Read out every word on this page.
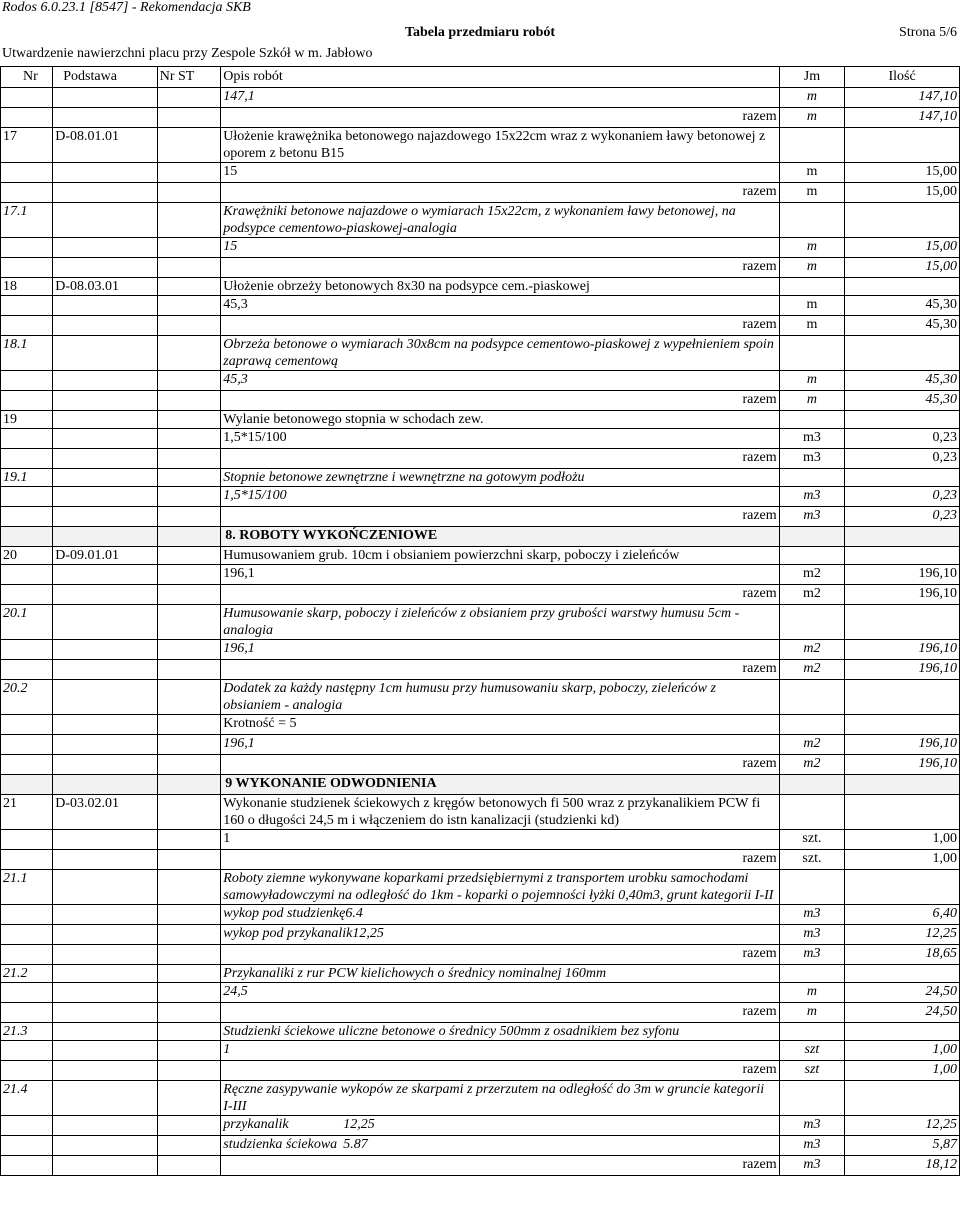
Rodos 6.0.23.1 [8547] - Rekomendacja SKB
Tabela przedmiaru robót	Strona 5/6
Utwardzenie nawierzchni placu przy Zespole Szkół w m. Jabłowo
Nr	Podstawa	Nr ST	Opis robót	Jm	Ilość
			147,1	m	147,10
			razem	m	147,10
17	D-08.01.01		Ułożenie krawężnika betonowego najazdowego 15x22cm wraz z wykonaniem ławy betonowej z oporem z betonu B15		
			15	m	15,00
			razem	m	15,00
17.1			Krawężniki betonowe najazdowe o wymiarach 15x22cm, z wykonaniem ławy betonowej, na podsypce cementowo-piaskowej-analogia		
			15	m	15,00
			razem	m	15,00
18	D-08.03.01		Ułożenie obrzeży betonowych 8x30 na podsypce cem.-piaskowej		
			45,3	m	45,30
			razem	m	45,30
18.1			Obrzeża betonowe o wymiarach 30x8cm na podsypce cementowo-piaskowej z wypełnieniem spoin zaprawą cementową		
			45,3	m	45,30
			razem	m	45,30
19			Wylanie betonowego stopnia w schodach zew.		
			1,5*15/100	m3	0,23
			razem	m3	0,23
19.1			Stopnie betonowe zewnętrzne i wewnętrzne na gotowym podłożu		
			1,5*15/100	m3	0,23
			razem	m3	0,23
			8. ROBOTY WYKOŃCZENIOWE		
20	D-09.01.01		Humusowaniem grub. 10cm i obsianiem powierzchni skarp, poboczy i zieleńców		
			196,1	m2	196,10
			razem	m2	196,10
20.1			Humusowanie skarp, poboczy i zieleńców z obsianiem przy grubości warstwy humusu 5cm - analogia		
			196,1	m2	196,10
			razem	m2	196,10
20.2			Dodatek za każdy następny 1cm humusu przy humusowaniu skarp, poboczy, zieleńców z obsianiem - analogia		
			Krotność = 5		
			196,1	m2	196,10
			razem	m2	196,10
			9 WYKONANIE ODWODNIENIA		
21	D-03.02.01		Wykonanie studzienek ściekowych z kręgów betonowych fi 500 wraz z przykanalikiem PCW fi 160 o długości 24,5 m i włączeniem do istn kanalizacji (studzienki kd)		
			1	szt.	1,00
			razem	szt.	1,00
21.1			Roboty ziemne wykonywane koparkami przedsiębiernymi z transportem urobku samochodami samowyładowczymi na odległość do 1km - koparki o pojemności łyżki 0,40m3, grunt kategorii I-II		
			wykop pod studzienkę6.4	m3	6,40
			wykop pod przykanalik12,25	m3	12,25
			razem	m3	18,65
21.2			Przykanaliki z rur PCW kielichowych o średnicy nominalnej 160mm		
			24,5	m	24,50
			razem	m	24,50
21.3			Studzienki ściekowe uliczne betonowe o średnicy 500mm z osadnikiem bez syfonu		
			1	szt	1,00
			razem	szt	1,00
21.4			Ręczne zasypywanie wykopów ze skarpami z przerzutem na odległość do 3m w gruncie kategorii I-III		
			przykanalik 12,25	m3	12,25
			studzienka ściekowa 5.87	m3	5,87
			razem	m3	18,12
